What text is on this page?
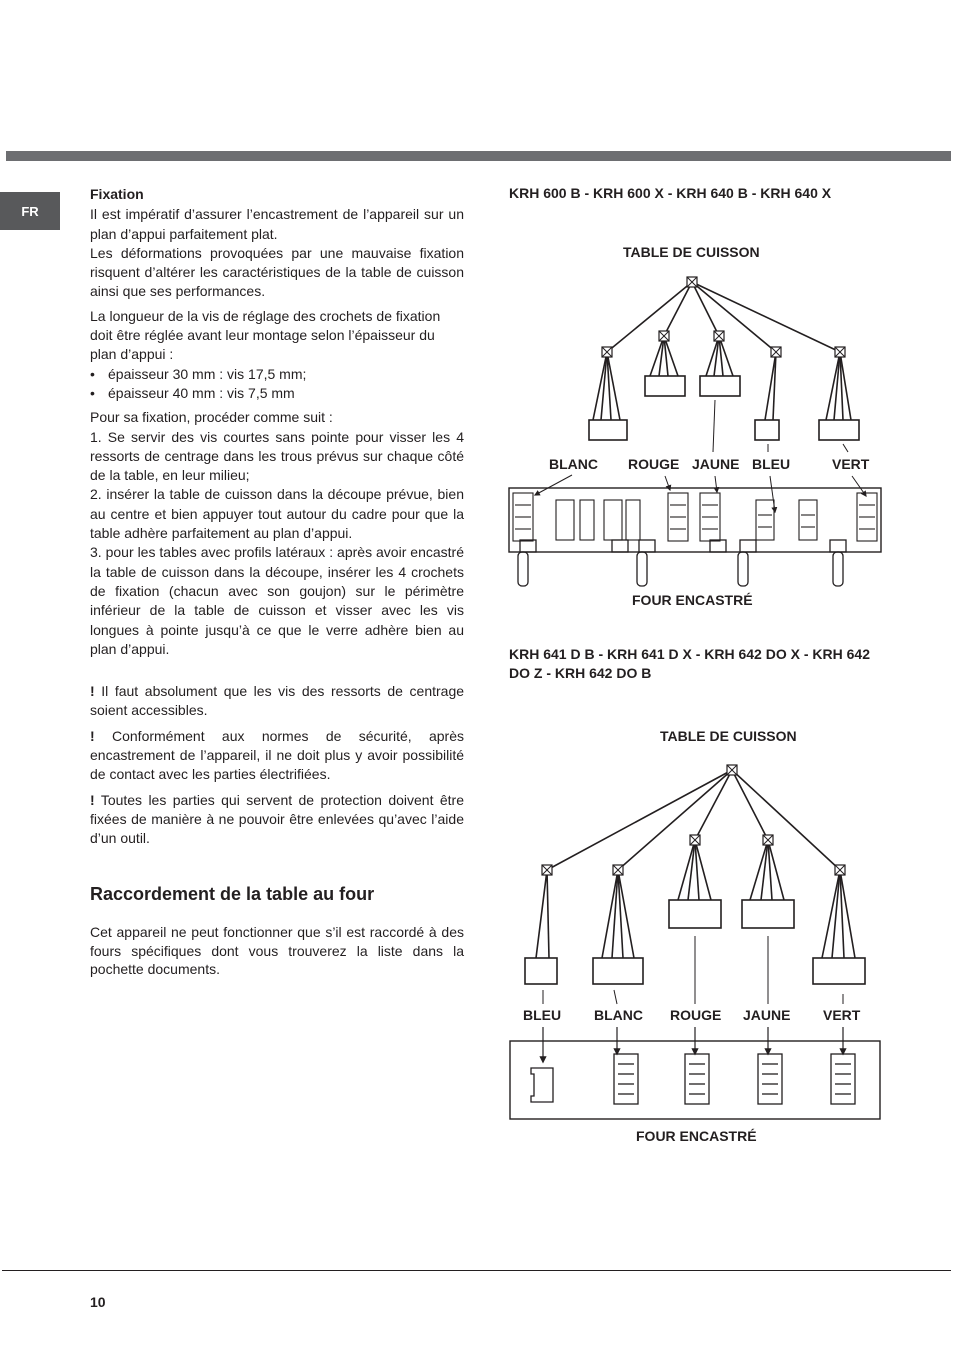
FR

Fixation

Il est impératif d’assurer l’encastrement de l’appareil sur un plan d’appui parfaitement plat.

Les déformations provoquées par une mauvaise fixation risquent d’altérer les caractéristiques de la table de cuisson ainsi que ses performances.

La longueur de la vis de réglage des crochets de fixation doit être réglée avant leur montage selon l’épaisseur du plan d’appui :

• épaisseur 30 mm : vis 17,5 mm;
• épaisseur 40 mm : vis 7,5 mm

Pour sa fixation, procéder comme suit :

1. Se servir des vis courtes sans pointe pour visser les 4 ressorts de centrage dans les trous prévus sur chaque côté de la table, en leur milieu;

2. insérer la table de cuisson dans la découpe prévue, bien au centre et bien appuyer tout autour du cadre pour que la table adhère parfaitement au plan d’appui.

3. pour les tables avec profils latéraux : après avoir encastré la table de cuisson dans la découpe, insérer les 4 crochets de fixation (chacun avec son goujon) sur le périmètre inférieur de la table de cuisson et visser avec les vis longues à pointe jusqu’à ce que le verre adhère bien au plan d’appui.

! Il faut absolument que les vis des ressorts de centrage soient accessibles.

! Conformément aux normes de sécurité, après encastrement de l’appareil, il ne doit plus y avoir possibilité de contact avec les parties électrifiées.

! Toutes les parties qui servent de protection doivent être fixées de manière à ne pouvoir être enlevées qu’avec l’aide d’un outil.

Raccordement de la table au four
Cet appareil ne peut fonctionner que s’il est raccordé à des fours spécifiques dont vous trouverez la liste dans la pochette documents.
KRH 600 B - KRH 600 X - KRH 640 B - KRH 640 X
TABLE DE CUISSON
BLANC ROUGE JAUNE BLEU	VERT
FOUR ENCASTRÉ
KRH 641 D B - KRH 641 D X - KRH 642 DO X - KRH 642 DO Z - KRH 642 DO B
TABLE DE CUISSON
BLEU BLANC ROUGE JAUNE VERT
FOUR ENCASTRÉ
10
